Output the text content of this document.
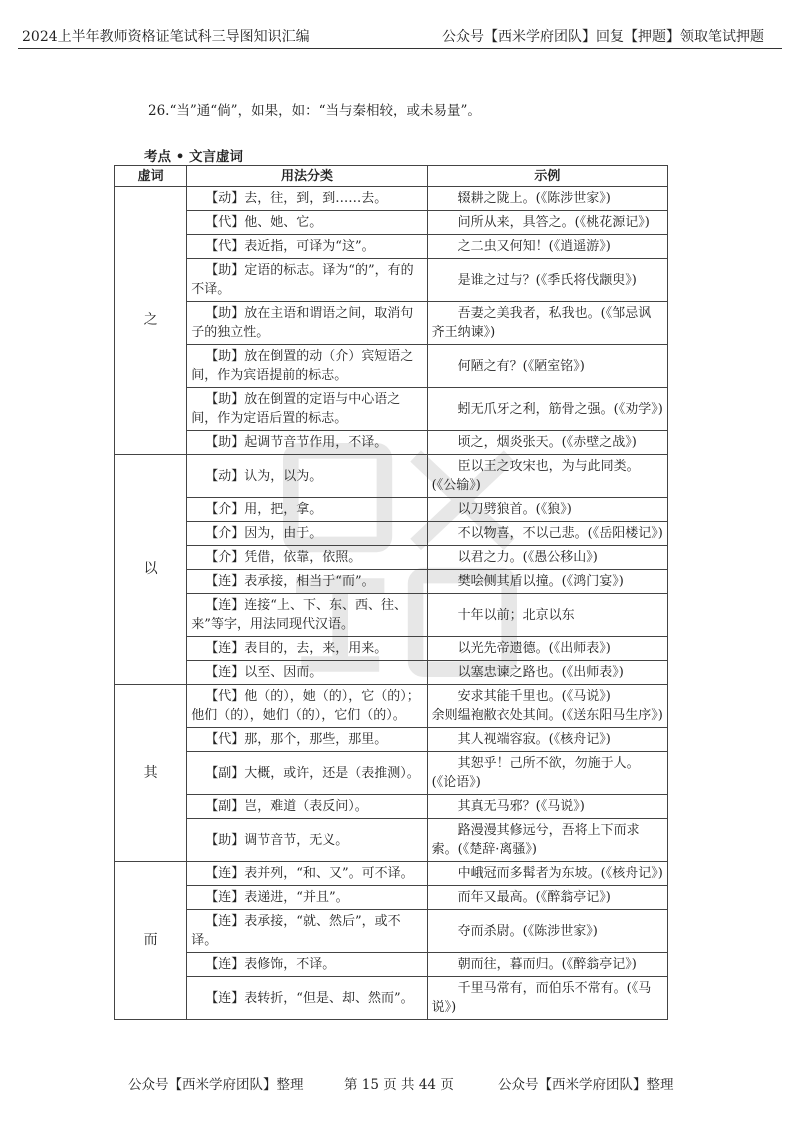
2024上半年教师资格证笔试科三导图知识汇编	公众号【西米学府团队】回复【押题】领取笔试押题
26.“当”通“倘”，如果，如：“当与秦相较，或未易量”。
考点 • 文言虚词
虚词	用法分类	示例
之	【动】去，往，到，到……去。	辍耕之陇上。(《陈涉世家》)
	【代】他、她、它。	问所从来，具答之。(《桃花源记》)
	【代】表近指，可译为“这”。	之二虫又何知！(《逍遥游》)
	【助】定语的标志。译为“的”，有的不译。	是谁之过与？(《季氏将伐颛臾》)
	【助】放在主语和谓语之间，取消句子的独立性。	吾妻之美我者，私我也。(《邹忌讽齐王纳谏》)
	【助】放在倒置的动（介）宾短语之间，作为宾语提前的标志。	何陋之有？(《陋室铭》)
	【助】放在倒置的定语与中心语之间，作为定语后置的标志。	蚓无爪牙之利，筋骨之强。(《劝学》)
	【助】起调节音节作用，不译。	顷之，烟炎张天。(《赤壁之战》)
以	【动】认为，以为。	臣以王之攻宋也，为与此同类。(《公输》)
	【介】用，把，拿。	以刀劈狼首。(《狼》)
	【介】因为，由于。	不以物喜，不以己悲。(《岳阳楼记》)
	【介】凭借，依靠，依照。	以君之力。(《愚公移山》)
	【连】表承接，相当于“而”。	樊哙侧其盾以撞。(《鸿门宴》)
	【连】连接“上、下、东、西、往、来”等字，用法同现代汉语。	十年以前；北京以东
	【连】表目的，去，来，用来。	以光先帝遗德。(《出师表》)
	【连】以至、因而。	以塞忠谏之路也。(《出师表》)
其	【代】他（的），她（的），它（的）；他们（的），她们（的），它们（的）。	安求其能千里也。(《马说》)
余则缊袍敝衣处其间。(《送东阳马生序》)
	【代】那，那个，那些，那里。	其人视端容寂。(《核舟记》)
	【副】大概，或许，还是（表推测）。	其恕乎！己所不欲，勿施于人。(《论语》)
	【副】岂，难道（表反问）。	其真无马邪？(《马说》)
	【助】调节音节，无义。	路漫漫其修远兮，吾将上下而求索。(《楚辞·离骚》)
而	【连】表并列，“和、又”。可不译。	中峨冠而多髯者为东坡。(《核舟记》)
	【连】表递进，“并且”。	而年又最高。(《醉翁亭记》)
	【连】表承接，“就、然后”，或不译。	夺而杀尉。(《陈涉世家》)
	【连】表修饰，不译。	朝而往，暮而归。(《醉翁亭记》)
	【连】表转折，“但是、却、然而”。	千里马常有，而伯乐不常有。(《马说》)
公众号【西米学府团队】整理	第 15 页 共 44 页	公众号【西米学府团队】整理
